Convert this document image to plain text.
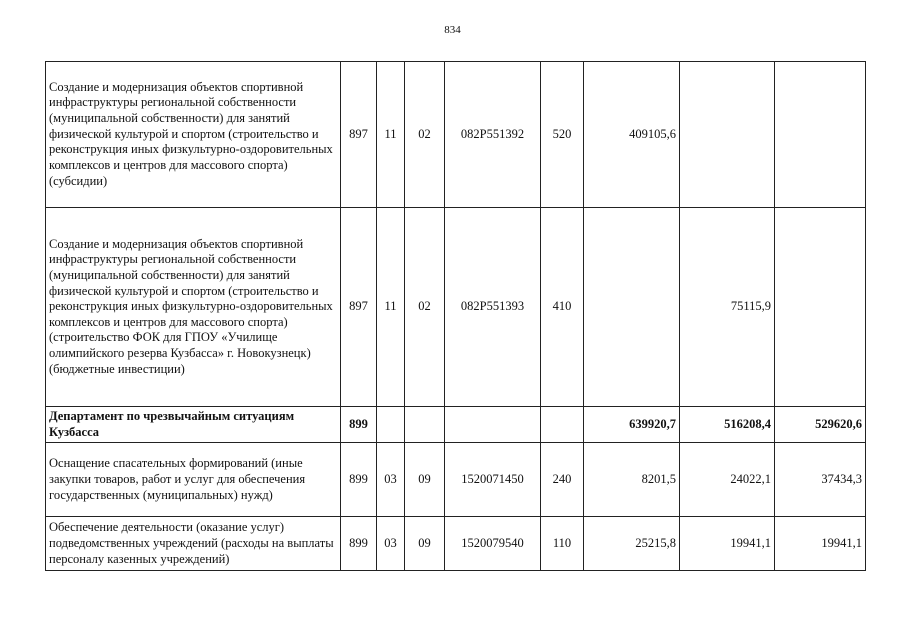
834
Создание и модернизация объектов спортивной инфраструктуры региональной собственности (муниципальной собственности) для занятий физической культурой и спортом (строительство и реконструкция иных физкультурно-оздоровительных комплексов и центров для массового спорта) (субсидии)	897	11	02	082P551392	520	409105,6		
Создание и модернизация объектов спортивной инфраструктуры региональной собственности (муниципальной собственности) для занятий физической культурой и спортом (строительство и реконструкция иных физкультурно-оздоровительных комплексов и центров для массового спорта) (строительство ФОК для ГПОУ «Училище олимпийского резерва Кузбасса» г. Новокузнецк) (бюджетные инвестиции)	897	11	02	082P551393	410		75115,9	
Департамент по чрезвычайным ситуациям Кузбасса	899					639920,7	516208,4	529620,6
Оснащение спасательных формирований (иные закупки товаров, работ и услуг для обеспечения государственных (муниципальных) нужд)	899	03	09	1520071450	240	8201,5	24022,1	37434,3
Обеспечение деятельности (оказание услуг) подведомственных учреждений (расходы на выплаты персоналу казенных учреждений)	899	03	09	1520079540	110	25215,8	19941,1	19941,1
